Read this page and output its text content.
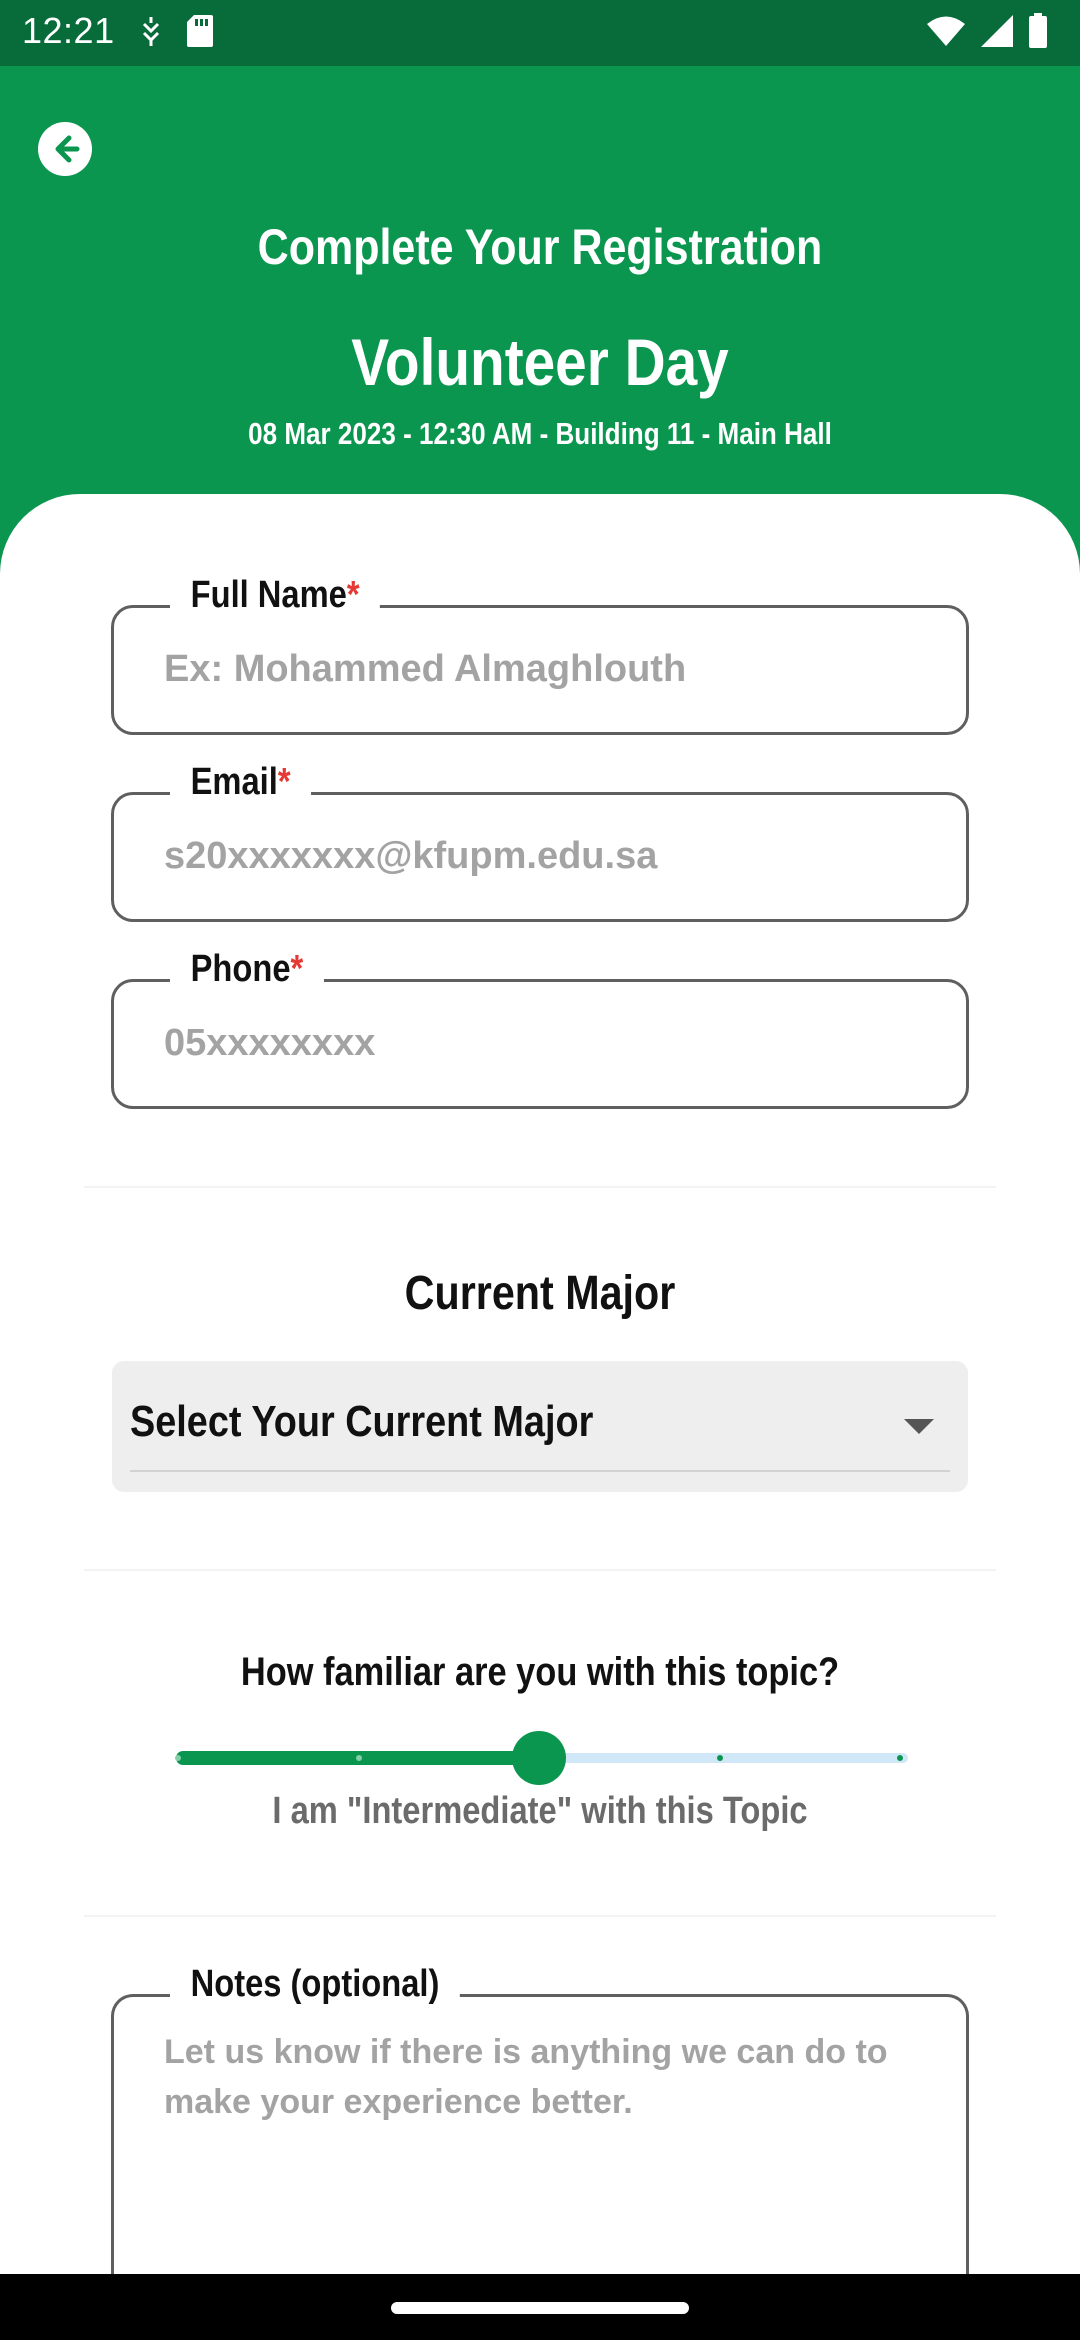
12:21
Complete Your Registration
Volunteer Day
08 Mar 2023 - 12:30 AM - Building 11 - Main Hall
Full Name*
Ex: Mohammed Almaghlouth
Email*
s20xxxxxxx@kfupm.edu.sa
Phone*
05xxxxxxxx
Current Major
Select Your Current Major
How familiar are you with this topic?
I am "Intermediate" with this Topic
Notes (optional)
Let us know if there is anything we can do to make your experience better.
